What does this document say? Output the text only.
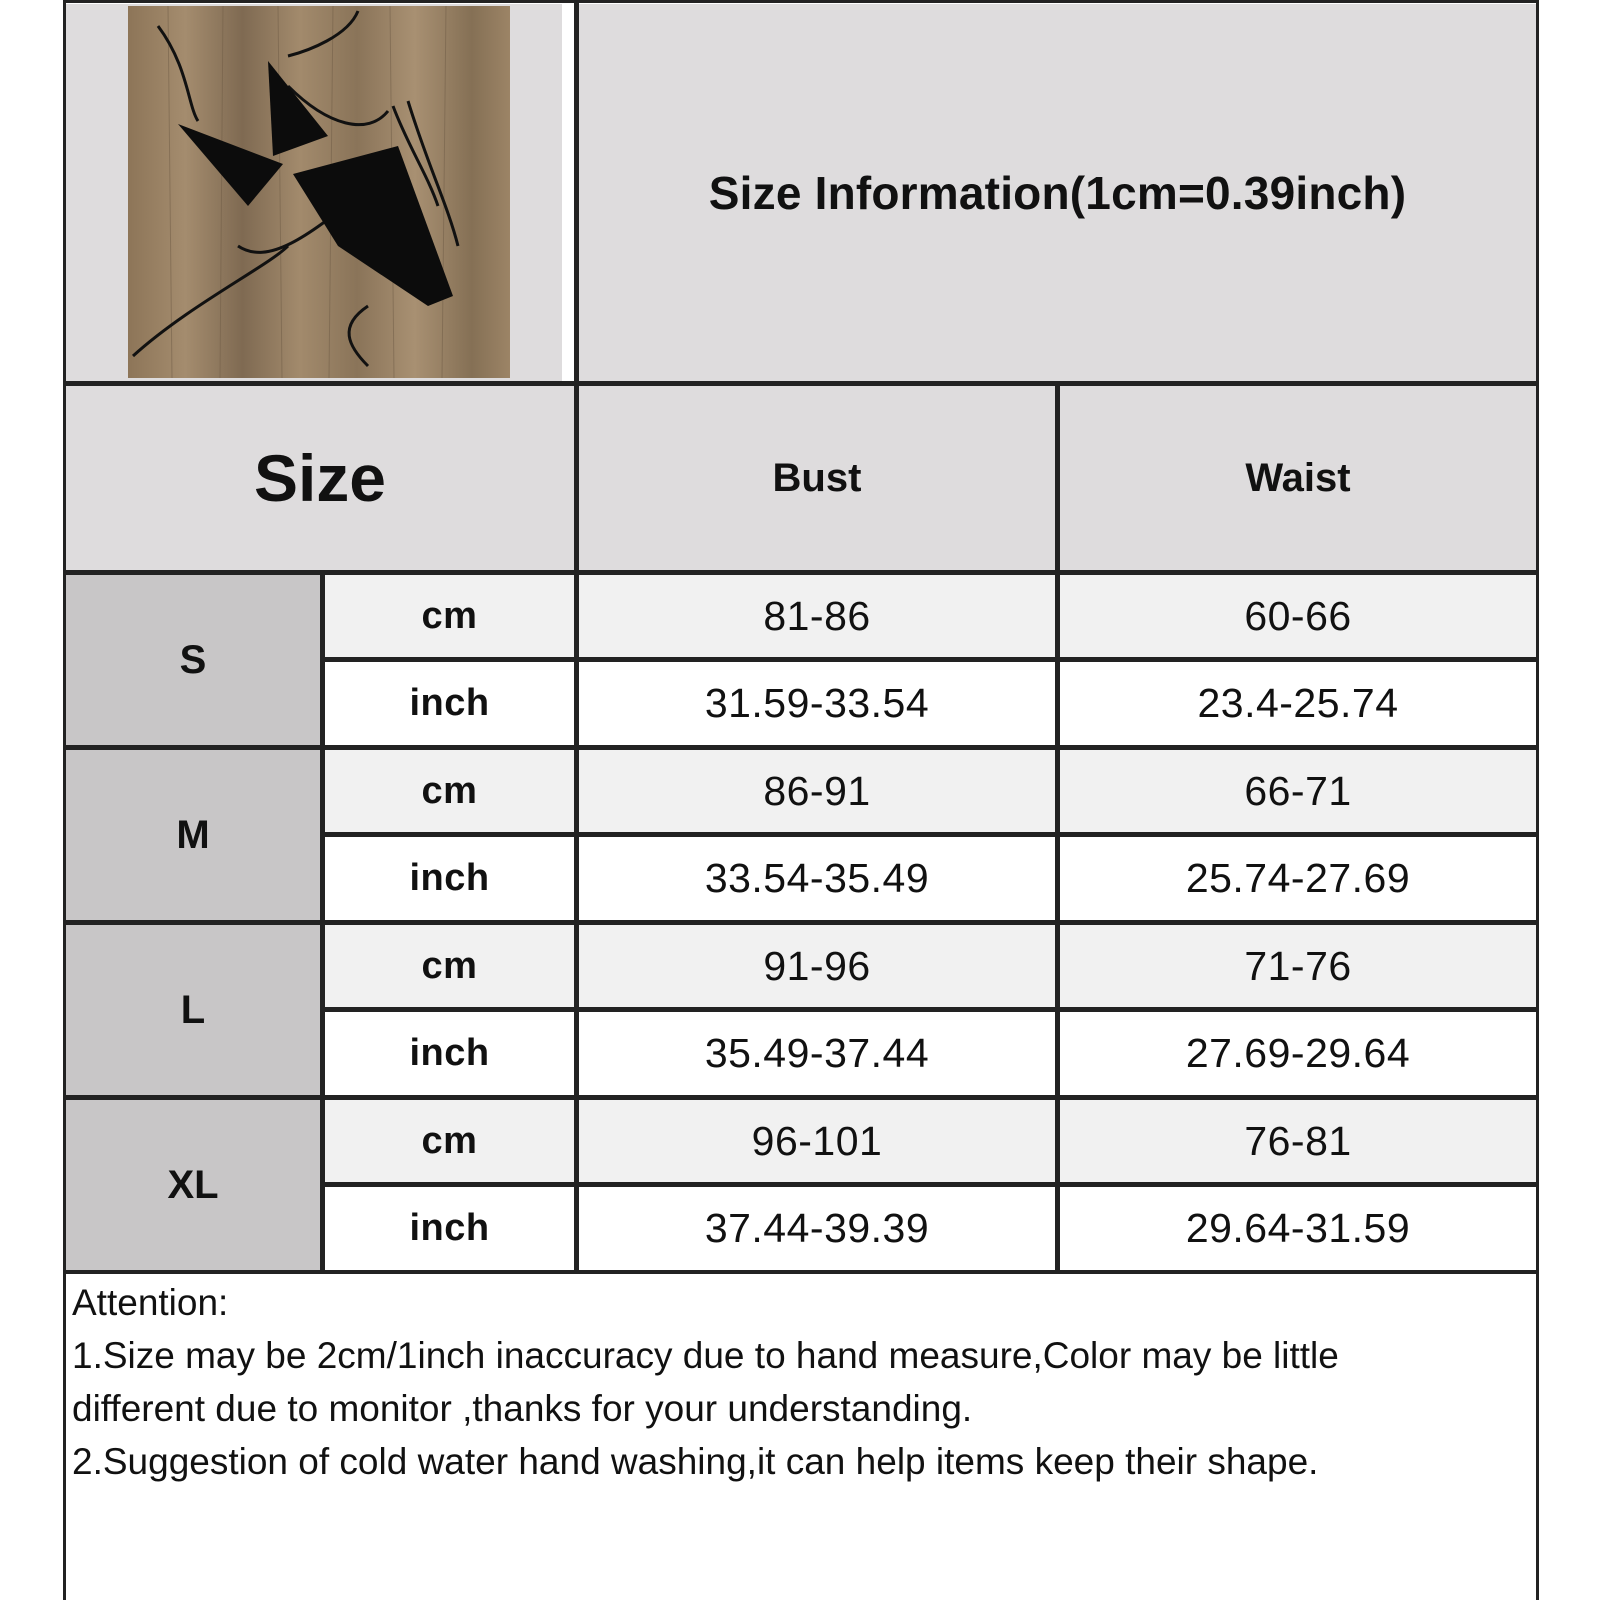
Size Information(1cm=0.39inch)
Size	Bust	Waist
S
cm	81-86	60-66
inch	31.59-33.54	23.4-25.74
M
cm	86-91	66-71
inch	33.54-35.49	25.74-27.69
L
cm	91-96	71-76
inch	35.49-37.44	27.69-29.64
XL
cm	96-101	76-81
inch	37.44-39.39	29.64-31.59
Attention:
1.Size may be 2cm/1inch inaccuracy due to hand measure,Color may be little
different due to monitor ,thanks for your understanding.
2.Suggestion of cold water hand washing,it can help items keep their shape.
